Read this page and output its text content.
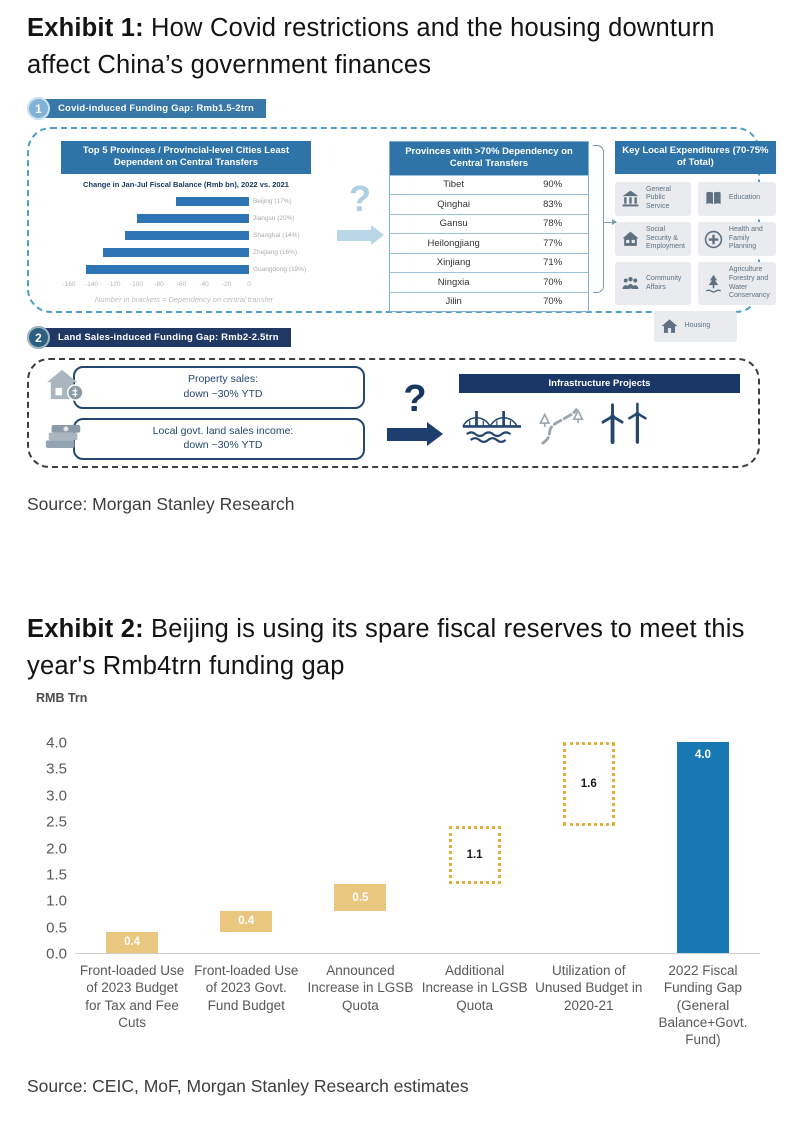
Exhibit 1: How Covid restrictions and the housing downturn affect China’s government finances
1	Covid-induced Funding Gap: Rmb1.5-2trn
Top 5 Provinces / Provincial-level Cities Least Dependent on Central Transfers
Change in Jan-Jul Fiscal Balance (Rmb bn), 2022 vs. 2021
Beijing (17%)
Jiangsu (20%)
Shanghai (14%)
Zhejiang (16%)
Guangdong (19%)
-160 -140 -120 -100 -80 -60 -40 -20 0
Number in brackets = Dependency on central transfer
?
Provinces with >70% Dependency on Central Transfers
Tibet	90%
Qinghai	83%
Gansu	78%
Heilongjiang	77%
Xinjiang	71%
Ningxia	70%
Jilin	70%
Key Local Expenditures (70-75% of Total)
General Public Service
Education
Social Security & Employment
Health and Family Planning
Community Affairs
Agriculture Forestry and Water Conservancy
Housing
2	Land Sales-induced Funding Gap: Rmb2-2.5trn
Property sales:
down ~30% YTD
Local govt. land sales income:
down ~30% YTD
?	Infrastructure Projects
Source: Morgan Stanley Research
Exhibit 2: Beijing is using its spare fiscal reserves to meet this year's Rmb4trn funding gap
RMB Trn
0.0
0.5
1.0
1.5
2.0
2.5
3.0
3.5
4.0
0.4
0.4
0.5
1.1
1.6
4.0
Front-loaded Use of 2023 Budget for Tax and Fee Cuts
Front-loaded Use of 2023 Govt. Fund Budget
Announced Increase in LGSB Quota
Additional Increase in LGSB Quota
Utilization of Unused Budget in 2020-21
2022 Fiscal Funding Gap (General Balance+Govt. Fund)
Source: CEIC, MoF, Morgan Stanley Research estimates
